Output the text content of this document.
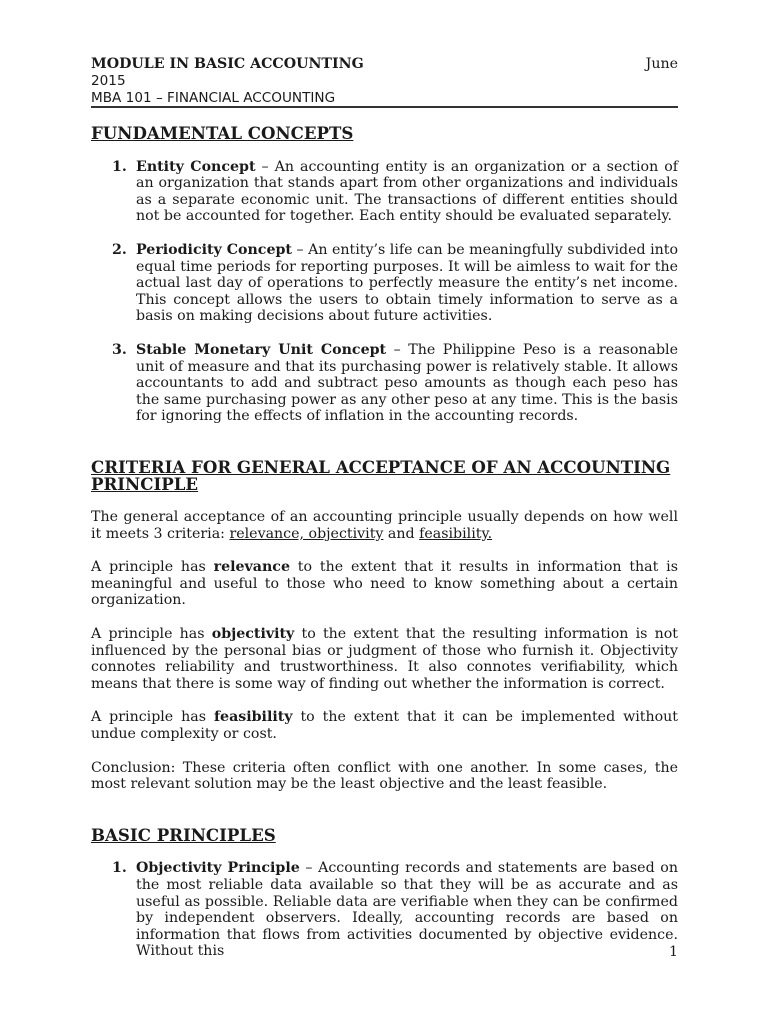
MODULE IN BASIC ACCOUNTING	June
2015
MBA 101 – FINANCIAL ACCOUNTING
FUNDAMENTAL CONCEPTS
1. Entity Concept – An accounting entity is an organization or a section of an organization that stands apart from other organizations and individuals as a separate economic unit. The transactions of different entities should not be accounted for together. Each entity should be evaluated separately.
2. Periodicity Concept – An entity’s life can be meaningfully subdivided into equal time periods for reporting purposes. It will be aimless to wait for the actual last day of operations to perfectly measure the entity’s net income. This concept allows the users to obtain timely information to serve as a basis on making decisions about future activities.
3. Stable Monetary Unit Concept – The Philippine Peso is a reasonable unit of measure and that its purchasing power is relatively stable. It allows accountants to add and subtract peso amounts as though each peso has the same purchasing power as any other peso at any time. This is the basis for ignoring the effects of inflation in the accounting records.
CRITERIA FOR GENERAL ACCEPTANCE OF AN ACCOUNTING PRINCIPLE

The general acceptance of an accounting principle usually depends on how well it meets 3 criteria: relevance, objectivity and feasibility.

A principle has relevance to the extent that it results in information that is meaningful and useful to those who need to know something about a certain organization.

A principle has objectivity to the extent that the resulting information is not influenced by the personal bias or judgment of those who furnish it. Objectivity connotes reliability and trustworthiness. It also connotes verifiability, which means that there is some way of finding out whether the information is correct.

A principle has feasibility to the extent that it can be implemented without undue complexity or cost.

Conclusion: These criteria often conflict with one another. In some cases, the most relevant solution may be the least objective and the least feasible.

BASIC PRINCIPLES
1. Objectivity Principle – Accounting records and statements are based on the most reliable data available so that they will be as accurate and as useful as possible. Reliable data are verifiable when they can be confirmed by independent observers. Ideally, accounting records are based on information that flows from activities documented by objective evidence. Without this	1
